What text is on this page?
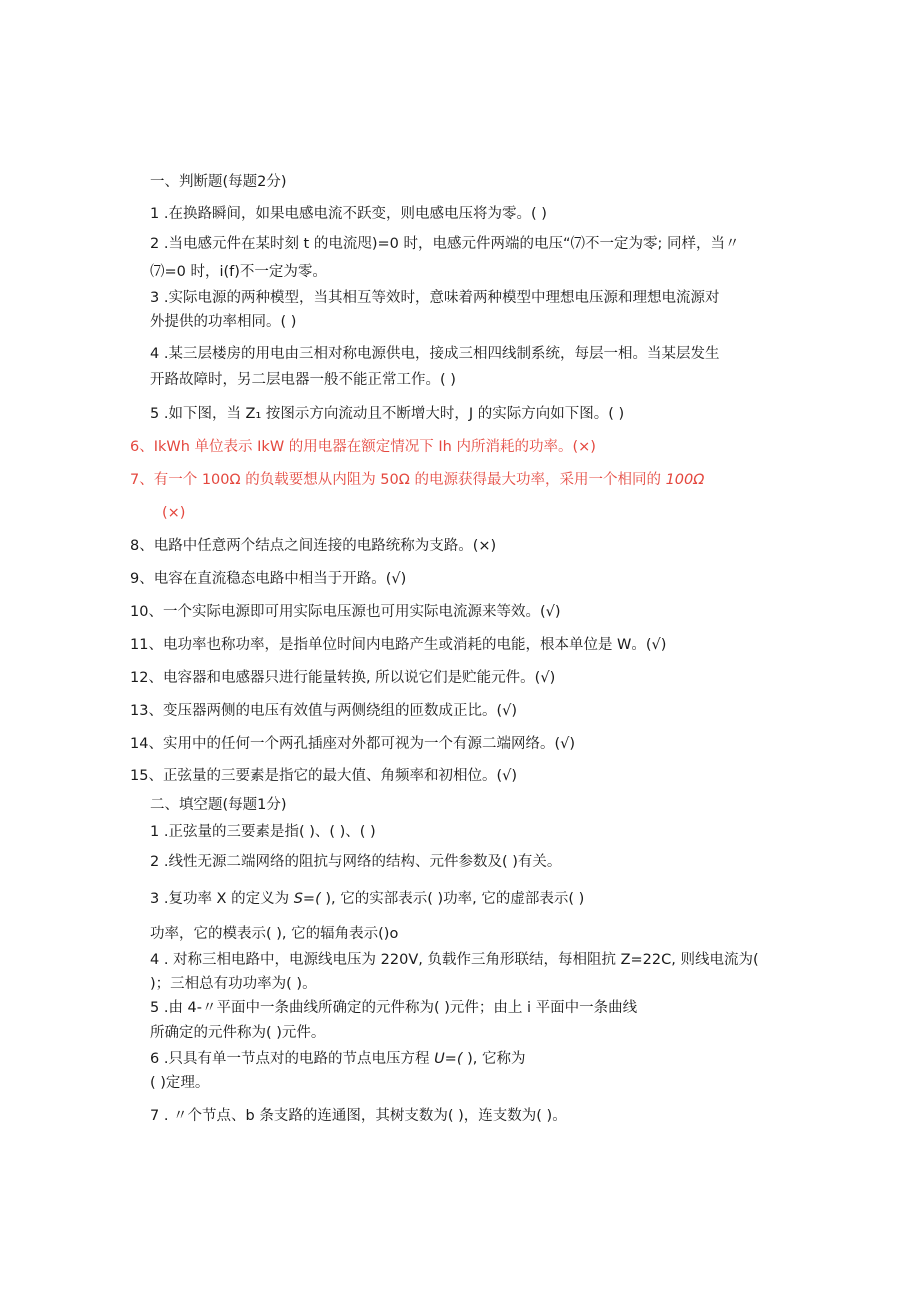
一、判断题(每题2分)
1 .在换路瞬间，如果电感电流不跃变，则电感电压将为零。( )
2 .当电感元件在某时刻 t 的电流咫)=0 时，电感元件两端的电压“⑺不一定为零; 同样，当〃
⑺=0 时，i(f)不一定为零。
3 .实际电源的两种模型，当其相互等效时，意味着两种模型中理想电压源和理想电流源对
外提供的功率相同。( )
4 .某三层楼房的用电由三相对称电源供电，接成三相四线制系统，每层一相。当某层发生
开路故障时，另二层电器一般不能正常工作。( )
5 .如下图，当 Z₁ 按图示方向流动且不断增大时，J 的实际方向如下图。( )
6、IkWh 单位表示 IkW 的用电器在额定情况下 Ih 内所消耗的功率。(×)
7、有一个 100Ω 的负载要想从内阻为 50Ω 的电源获得最大功率，采用一个相同的 100Ω
(×)
8、电路中任意两个结点之间连接的电路统称为支路。(×)
9、电容在直流稳态电路中相当于开路。(√)
10、一个实际电源即可用实际电压源也可用实际电流源来等效。(√)
11、电功率也称功率，是指单位时间内电路产生或消耗的电能，根本单位是 W。(√)
12、电容器和电感器只进行能量转换, 所以说它们是贮能元件。(√)
13、变压器两侧的电压有效值与两侧绕组的匝数成正比。(√)
14、实用中的任何一个两孔插座对外都可视为一个有源二端网络。(√)
15、正弦量的三要素是指它的最大值、角频率和初相位。(√)
二、填空题(每题1分)
1 .正弦量的三要素是指( )、( )、( )
2 .线性无源二端网络的阻抗与网络的结构、元件参数及( )有关。
3 .复功率 X 的定义为 S=( ), 它的实部表示( )功率, 它的虚部表示( )
功率，它的模表示( ), 它的辐角表示()o
4 . 对称三相电路中，电源线电压为 220V, 负载作三角形联结，每相阻抗 Z=22C, 则线电流为(
)；三相总有功功率为( )。
5 .由 4-〃平面中一条曲线所确定的元件称为( )元件；由上 i 平面中一条曲线
所确定的元件称为( )元件。
6 .只具有单一节点对的电路的节点电压方程 U=( ), 它称为
( )定理。
7 . 〃个节点、b 条支路的连通图，其树支数为( )，连支数为( )。
